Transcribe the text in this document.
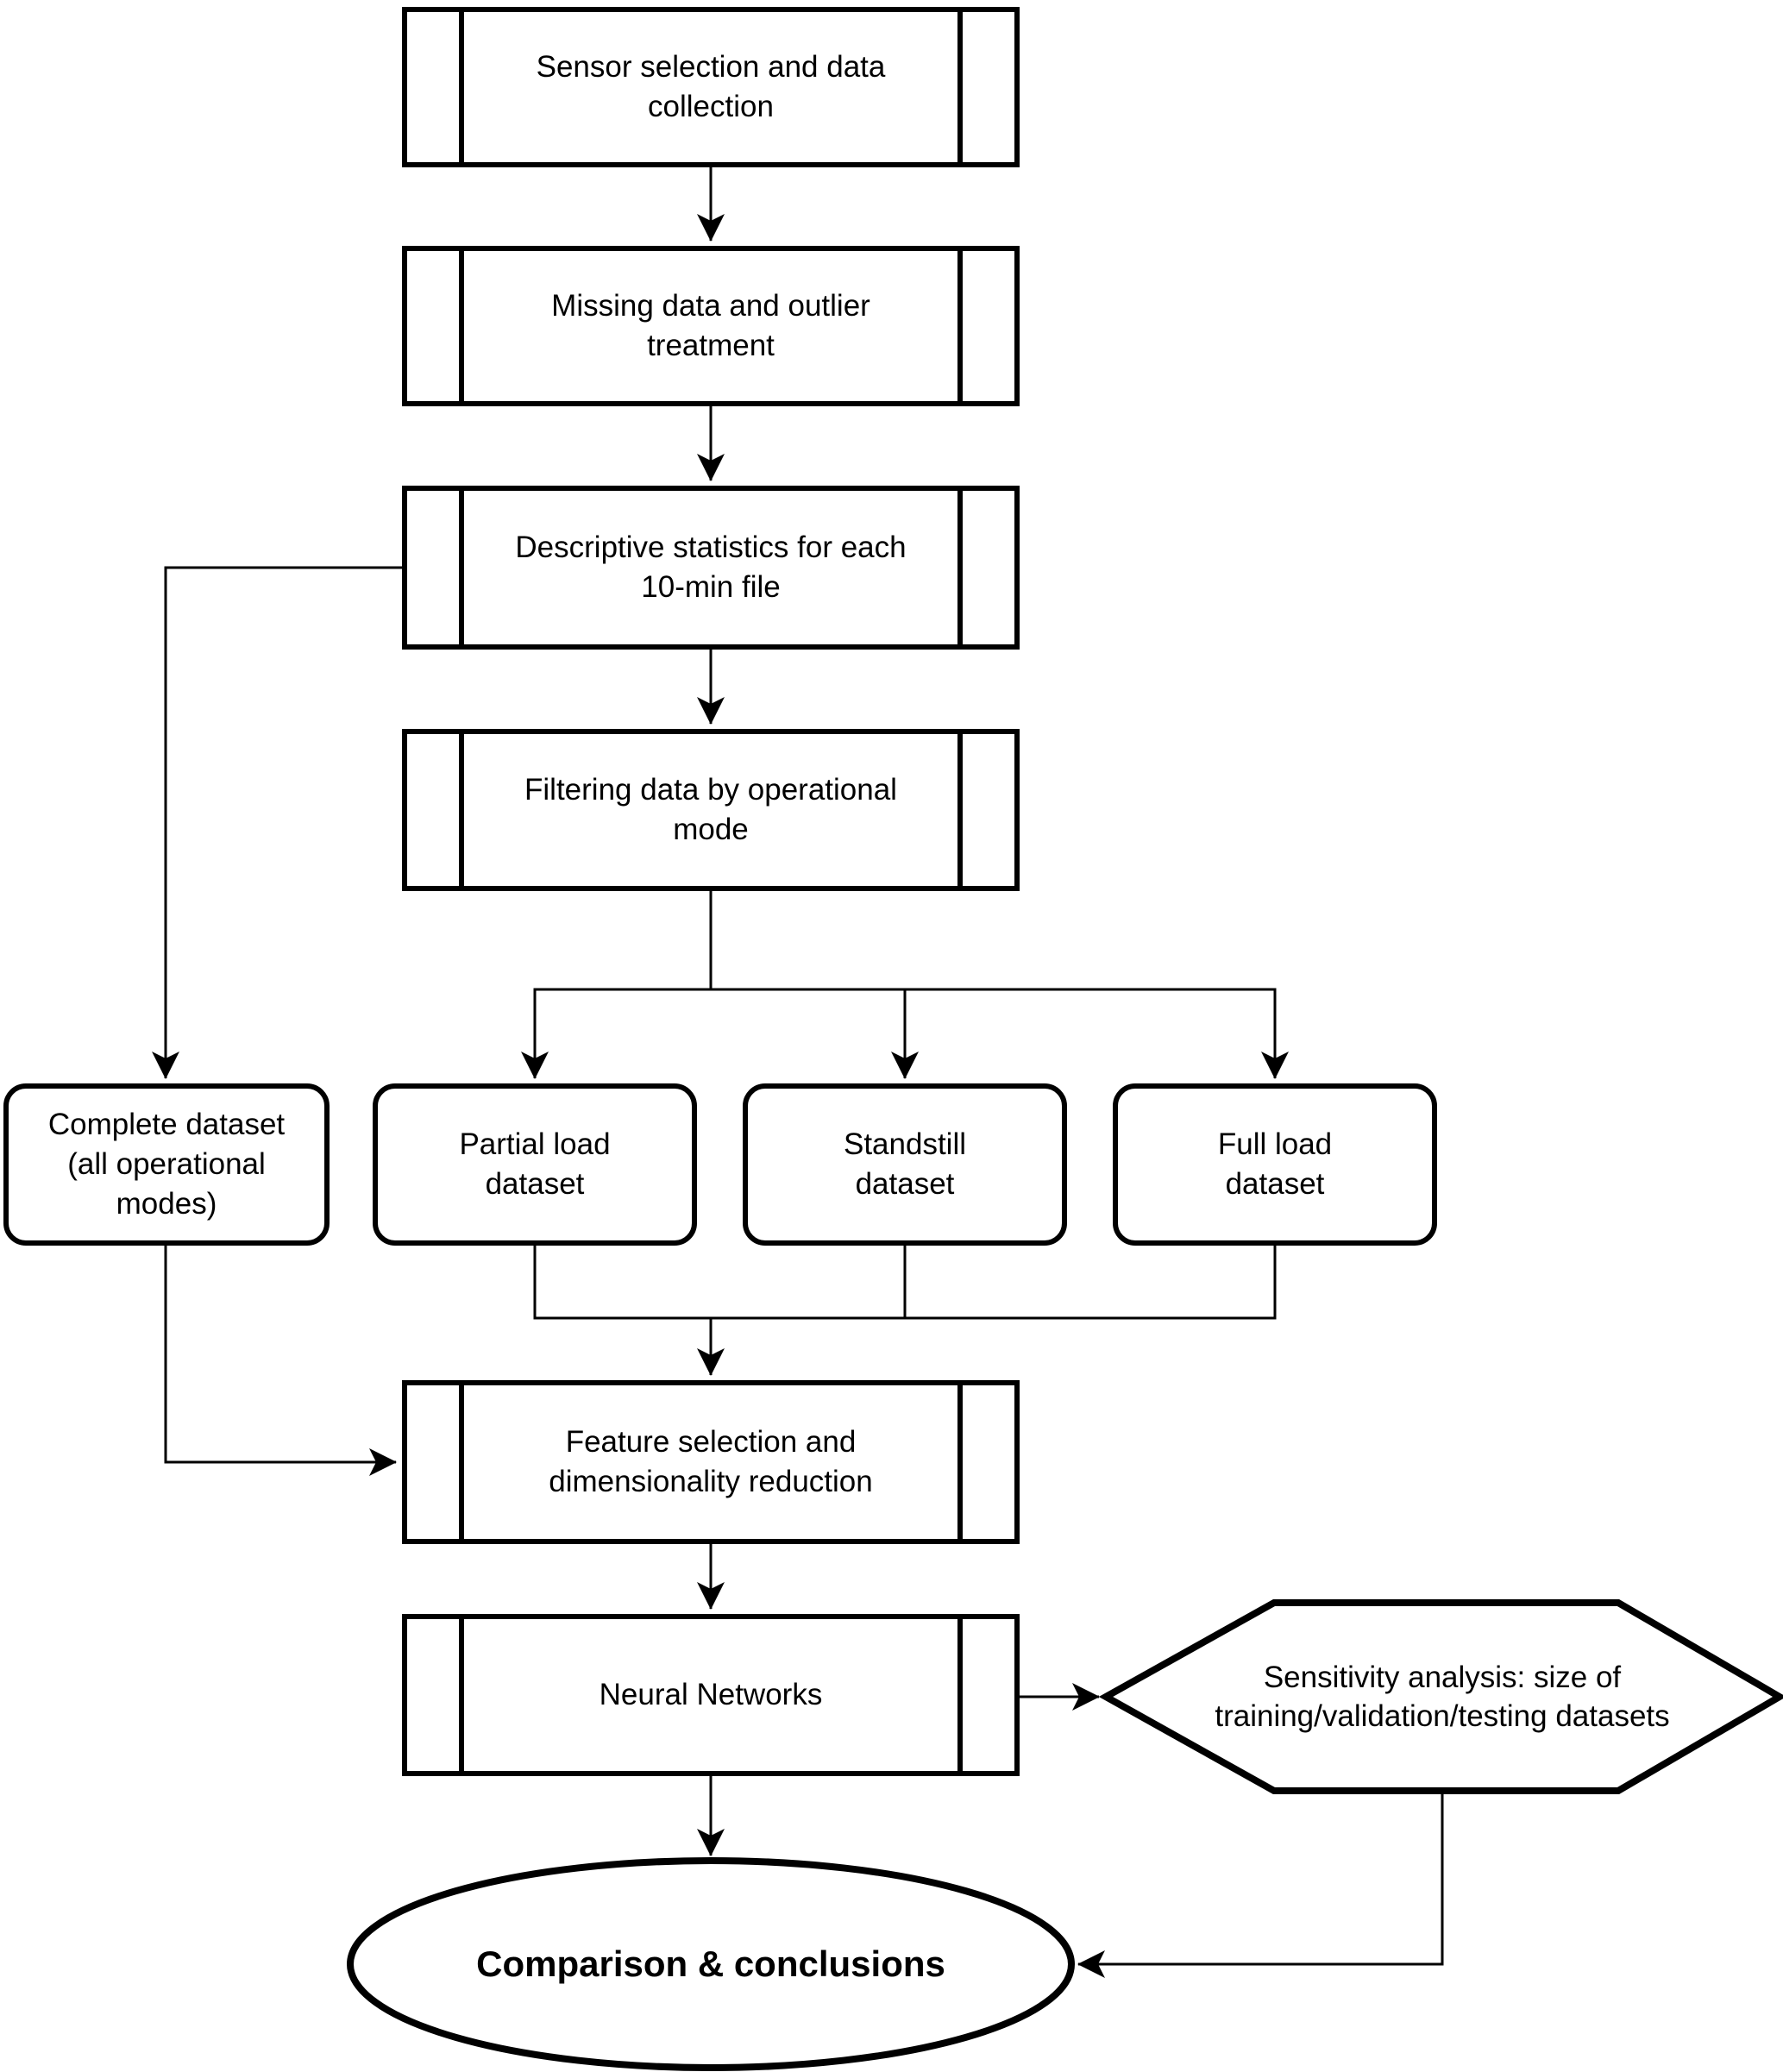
Sensor selection and data
collection
Missing data and outlier
treatment
Descriptive statistics for each
10-min file
Filtering data by operational
mode
Complete dataset
(all operational
modes)
Partial load
dataset
Standstill
dataset
Full load
dataset
Feature selection and
dimensionality reduction
Neural Networks
Sensitivity analysis: size of
training/validation/testing datasets
Comparison & conclusions
